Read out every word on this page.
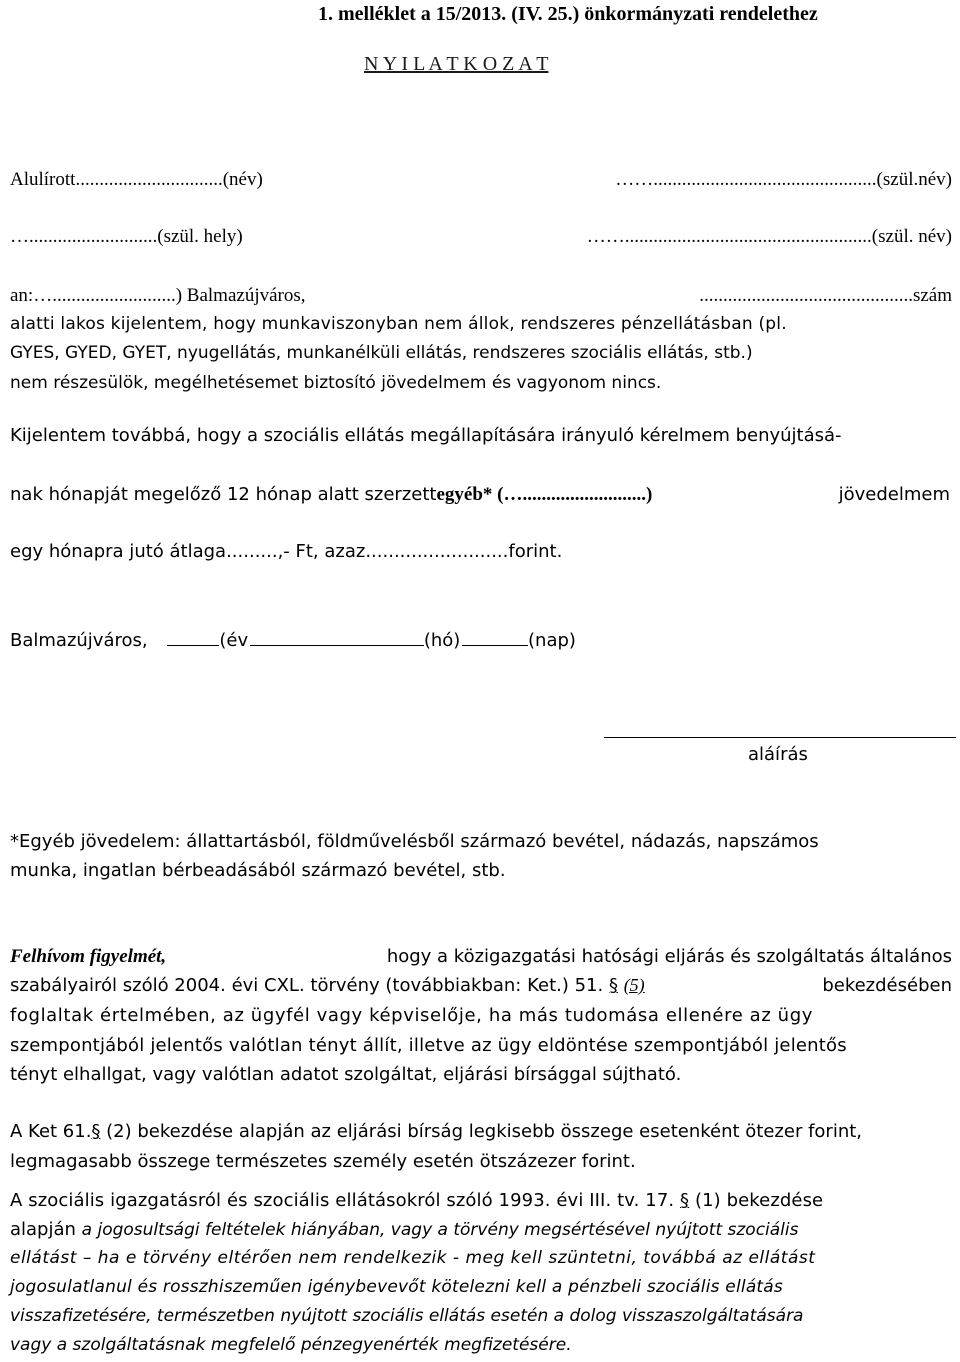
1. melléklet a 15/2013. (IV. 25.) önkormányzati rendelethez
N Y I L A T K O Z A T
Alulírott...............................(név)	……...............................................(szül.név)
…...........................(szül. hely)	……....................................................(szül. név)
an:…..........................) Balmazújváros,	.............................................szám
alatti lakos kijelentem, hogy munkaviszonyban nem állok, rendszeres pénzellátásban (pl.
GYES, GYED, GYET, nyugellátás, munkanélküli ellátás, rendszeres szociális ellátás, stb.)
nem részesülök, megélhetésemet biztosító jövedelmem és vagyonom nincs.
Kijelentem továbbá, hogy a szociális ellátás megállapítására irányuló kérelmem benyújtásá-
nak hónapját megelőző 12 hónap alatt szerzett egyéb* (…..........................)	jövedelmem
egy hónapra jutó átlaga.........,- Ft, azaz.........................forint.
Balmazújváros,	(év	(hó)	(nap)
aláírás
*Egyéb jövedelem: állattartásból, földművelésből származó bevétel, nádazás, napszámos
munka, ingatlan bérbeadásából származó bevétel, stb.
Felhívom figyelmét,	hogy a közigazgatási hatósági eljárás és szolgáltatás általános
szabályairól szóló 2004. évi CXL. törvény (továbbiakban: Ket.) 51. § (5)	bekezdésében
foglaltak értelmében, az ügyfél vagy képviselője, ha más tudomása ellenére az ügy
szempontjából jelentős valótlan tényt állít, illetve az ügy eldöntése szempontjából jelentős
tényt elhallgat, vagy valótlan adatot szolgáltat, eljárási bírsággal sújtható.
A Ket 61.§ (2) bekezdése alapján az eljárási bírság legkisebb összege esetenként ötezer forint,
legmagasabb összege természetes személy esetén ötszázezer forint.
A szociális igazgatásról és szociális ellátásokról szóló 1993. évi III. tv. 17. § (1) bekezdése
alapján a jogosultsági feltételek hiányában, vagy a törvény megsértésével nyújtott szociális
ellátást – ha e törvény eltérően nem rendelkezik - meg kell szüntetni, továbbá az ellátást
jogosulatlanul és rosszhiszeműen igénybevevőt kötelezni kell a pénzbeli szociális ellátás
visszafizetésére, természetben nyújtott szociális ellátás esetén a dolog visszaszolgáltatására
vagy a szolgáltatásnak megfelelő pénzegyenérték megfizetésére.
